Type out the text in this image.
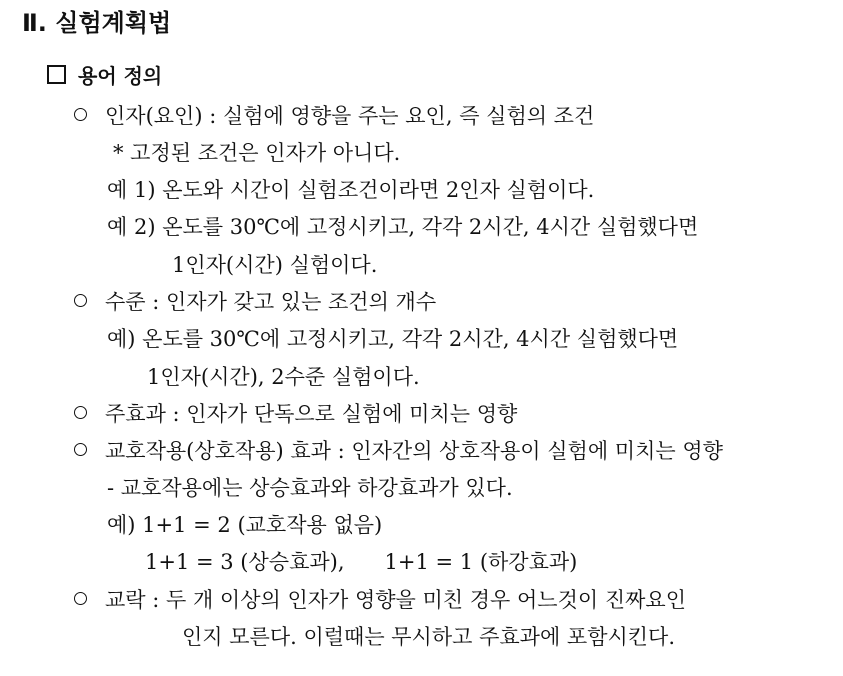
Ⅱ. 실험계획법
용어 정의
인자(요인) : 실험에 영향을 주는 요인, 즉 실험의 조건
* 고정된 조건은 인자가 아니다.
예 1) 온도와 시간이 실험조건이라면 2인자 실험이다.
예 2) 온도를 30℃에 고정시키고, 각각 2시간, 4시간 실험했다면
1인자(시간) 실험이다.
수준 : 인자가 갖고 있는 조건의 개수
예) 온도를 30℃에 고정시키고, 각각 2시간, 4시간 실험했다면
1인자(시간), 2수준 실험이다.
주효과 : 인자가 단독으로 실험에 미치는 영향
교호작용(상호작용) 효과 : 인자간의 상호작용이 실험에 미치는 영향
- 교호작용에는 상승효과와 하강효과가 있다.
예) 1+1 = 2 (교호작용 없음)
1+1 = 3 (상승효과), 1+1 = 1 (하강효과)
교락 : 두 개 이상의 인자가 영향을 미친 경우 어느것이 진짜요인
인지 모른다. 이럴때는 무시하고 주효과에 포함시킨다.
